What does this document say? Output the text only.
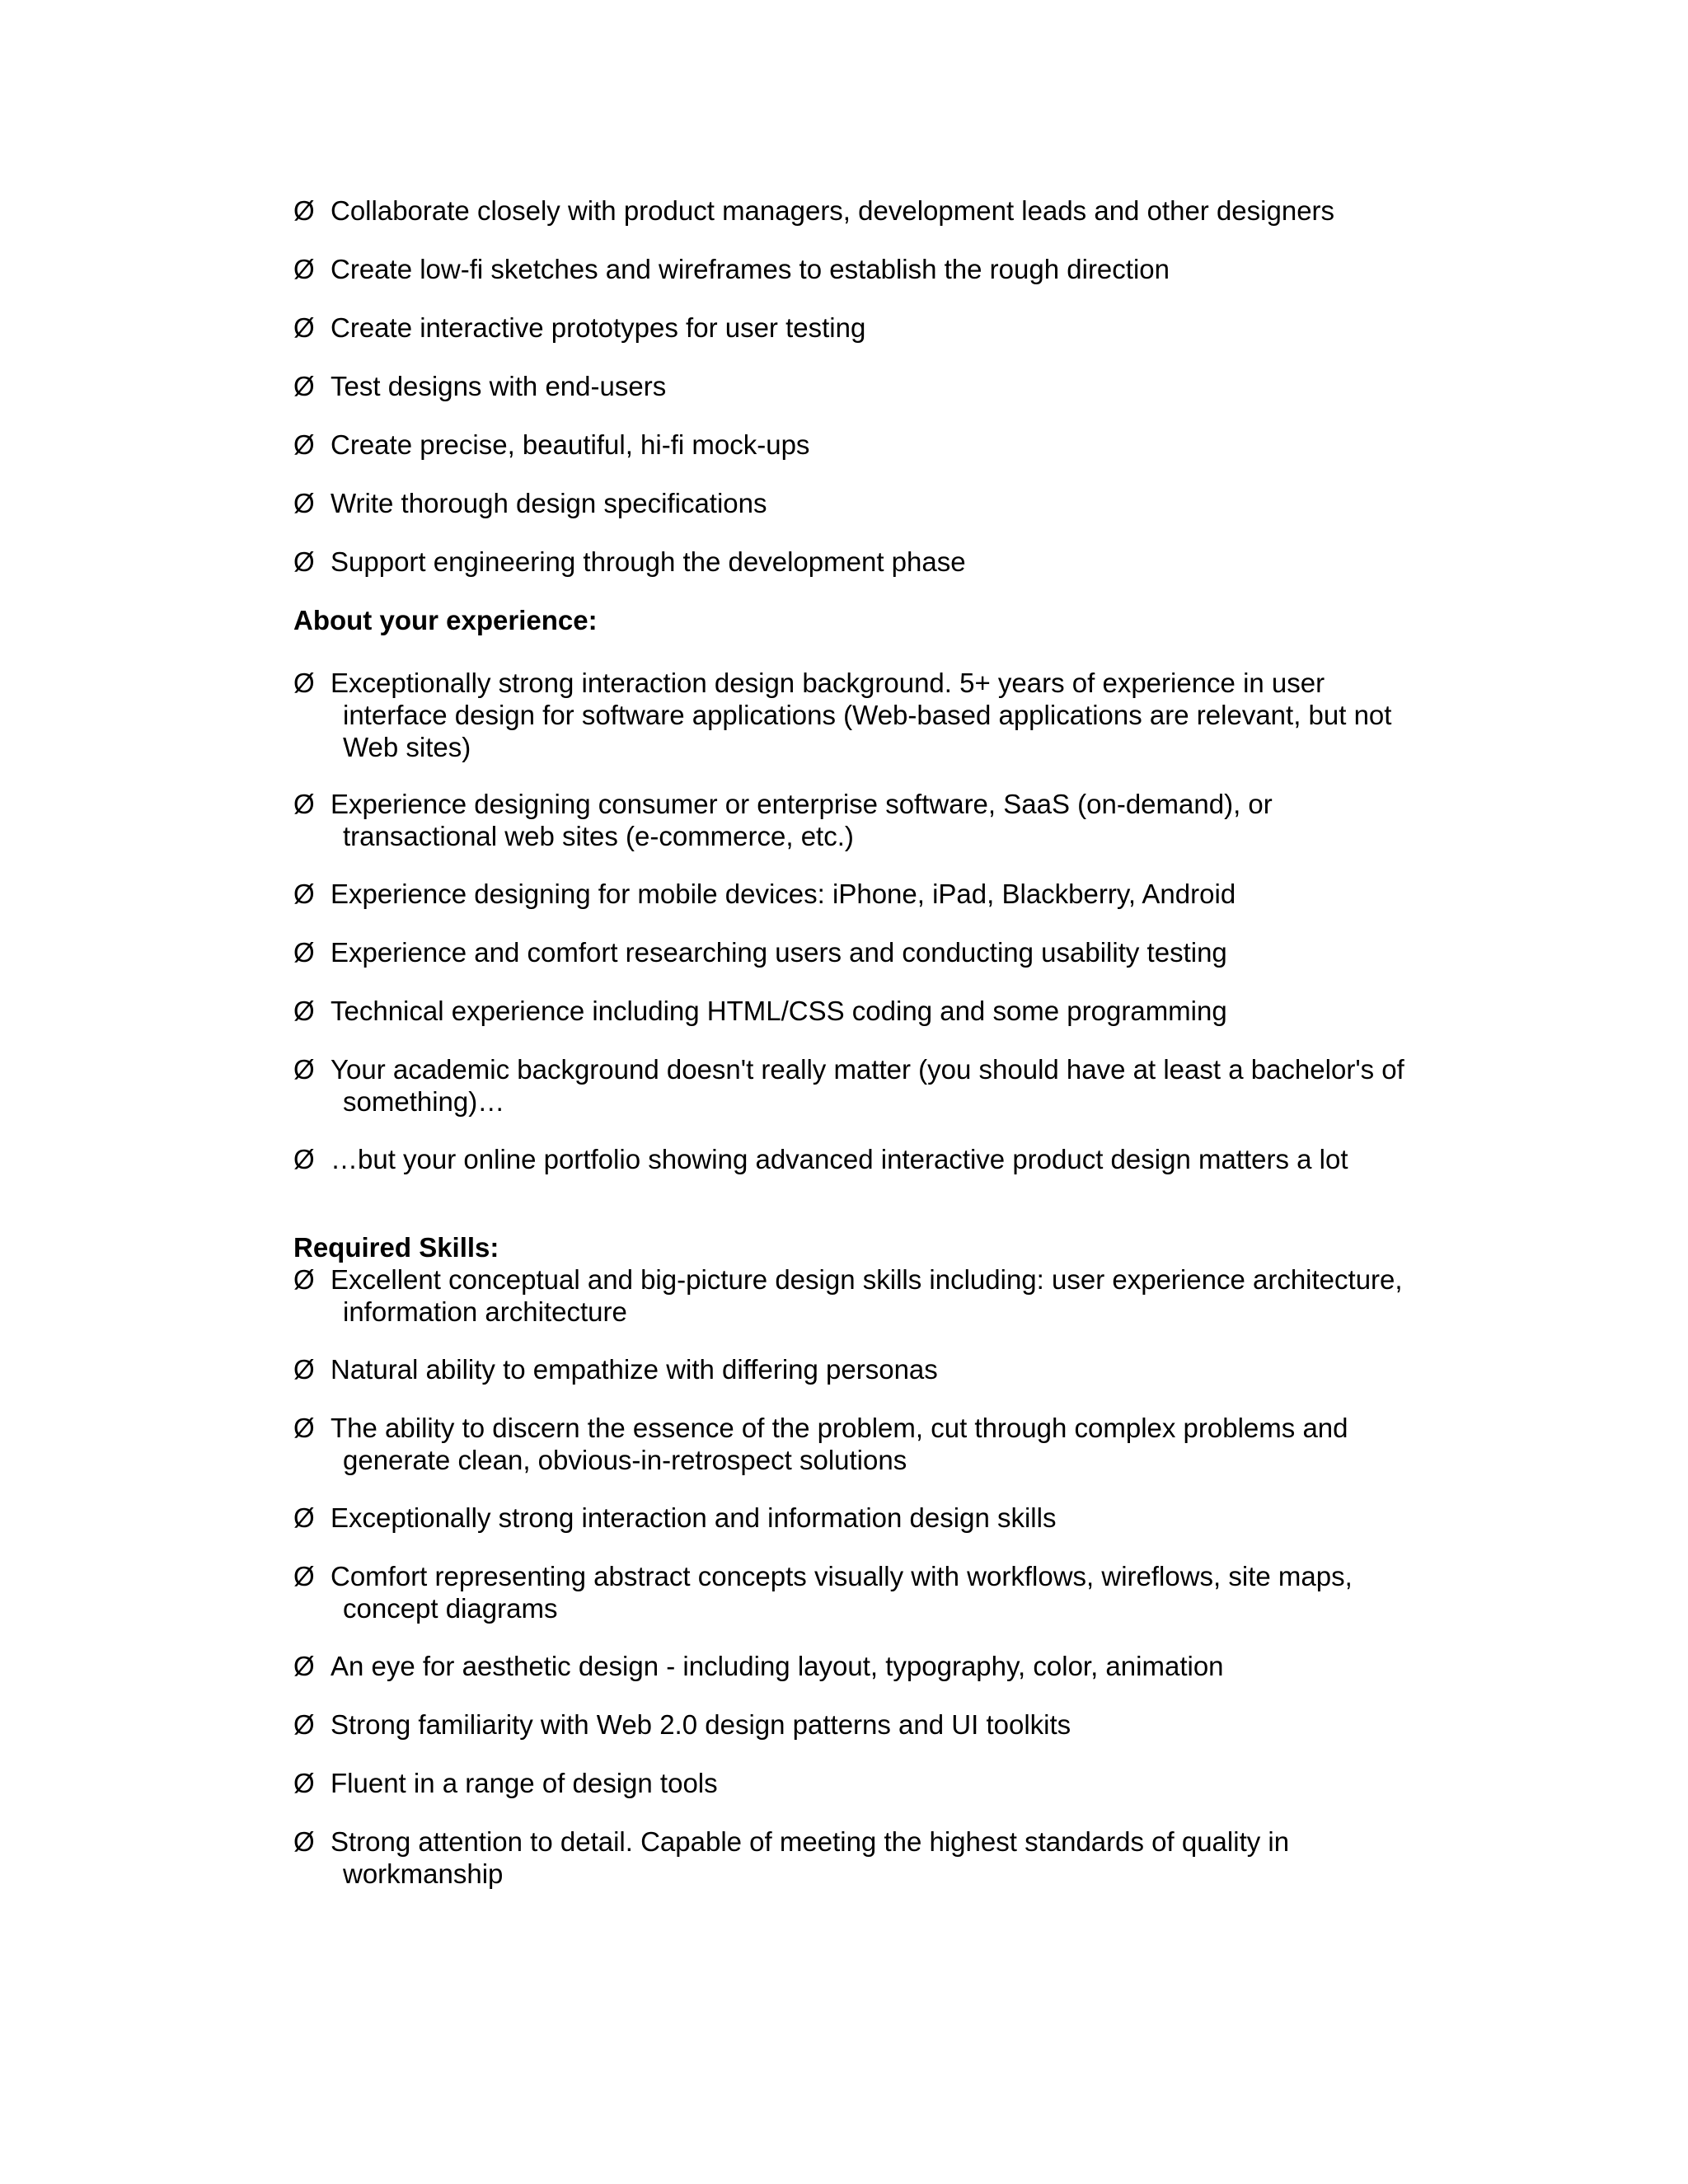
Ø Collaborate closely with product managers, development leads and other designers
Ø Create low-fi sketches and wireframes to establish the rough direction
Ø Create interactive prototypes for user testing
Ø Test designs with end-users
Ø Create precise, beautiful, hi-fi mock-ups
Ø Write thorough design specifications
Ø Support engineering through the development phase
About your experience:
Ø Exceptionally strong interaction design background. 5+ years of experience in user
interface design for software applications (Web-based applications are relevant, but not
Web sites)
Ø Experience designing consumer or enterprise software, SaaS (on-demand), or
transactional web sites (e-commerce, etc.)
Ø Experience designing for mobile devices: iPhone, iPad, Blackberry, Android
Ø Experience and comfort researching users and conducting usability testing
Ø Technical experience including HTML/CSS coding and some programming
Ø Your academic background doesn't really matter (you should have at least a bachelor's of
something)…
Ø …but your online portfolio showing advanced interactive product design matters a lot
Required Skills:
Ø Excellent conceptual and big-picture design skills including: user experience architecture,
information architecture
Ø Natural ability to empathize with differing personas
Ø The ability to discern the essence of the problem, cut through complex problems and
generate clean, obvious-in-retrospect solutions
Ø Exceptionally strong interaction and information design skills
Ø Comfort representing abstract concepts visually with workflows, wireflows, site maps,
concept diagrams
Ø An eye for aesthetic design - including layout, typography, color, animation
Ø Strong familiarity with Web 2.0 design patterns and UI toolkits
Ø Fluent in a range of design tools
Ø Strong attention to detail. Capable of meeting the highest standards of quality in
workmanship
